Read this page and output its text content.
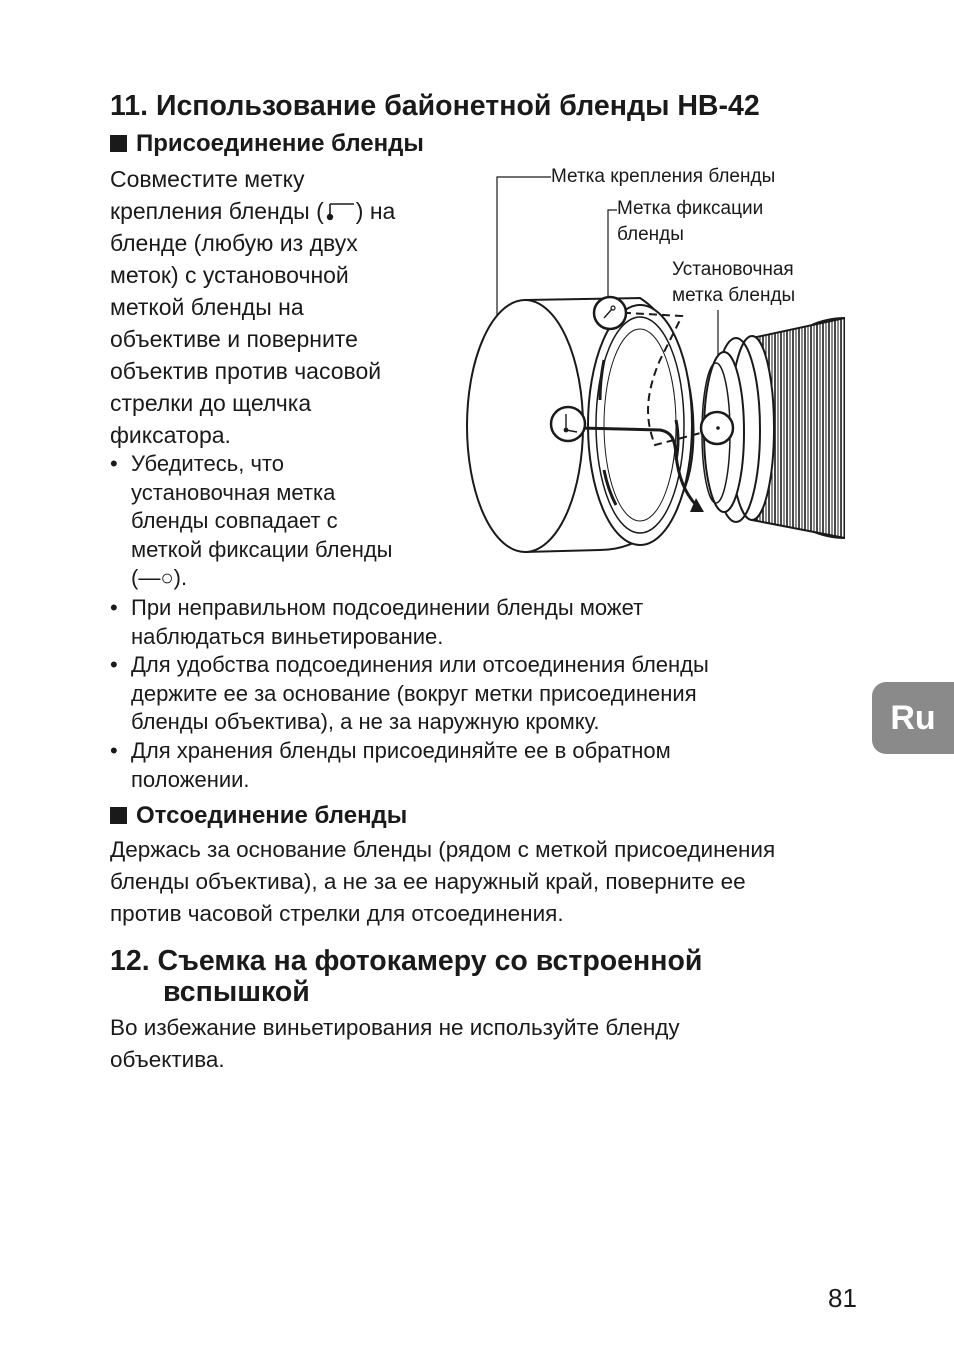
11. Использование байонетной бленды HB-42
Присоединение бленды
Совместите метку
крепления бленды ( ) на
бленде (любую из двух
меток) с установочной
меткой бленды на
объективе и поверните
объектив против часовой
стрелки до щелчка
фиксатора.
• Убедитесь, что
установочная метка
бленды совпадает с
меткой фиксации бленды
(—○).
• При неправильном подсоединении бленды может
наблюдаться виньетирование.
• Для удобства подсоединения или отсоединения бленды
держите ее за основание (вокруг метки присоединения
бленды объектива), а не за наружную кромку.
• Для хранения бленды присоединяйте ее в обратном
положении.
Отсоединение бленды
Держась за основание бленды (рядом с меткой присоединения
бленды объектива), а не за ее наружный край, поверните ее
против часовой стрелки для отсоединения.
12. Съемка на фотокамеру со встроенной
вспышкой
Во избежание виньетирования не используйте бленду
объектива.
Метка крепления бленды
Метка фиксации
бленды
Установочная
метка бленды
Ru
81
